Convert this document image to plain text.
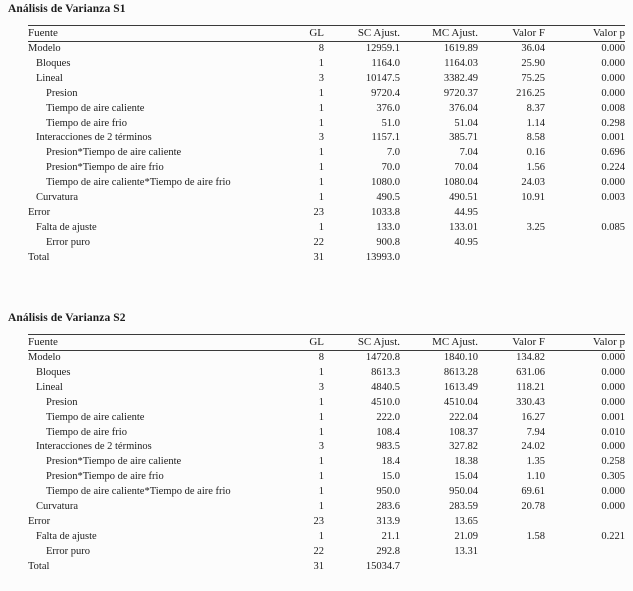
Análisis de Varianza S1
Fuente	GL	SC Ajust.	MC Ajust.	Valor F	Valor p
Modelo	8	12959.1	1619.89	36.04	0.000
Bloques	1	1164.0	1164.03	25.90	0.000
Lineal	3	10147.5	3382.49	75.25	0.000
Presion	1	9720.4	9720.37	216.25	0.000
Tiempo de aire caliente	1	376.0	376.04	8.37	0.008
Tiempo de aire frio	1	51.0	51.04	1.14	0.298
Interacciones de 2 términos	3	1157.1	385.71	8.58	0.001
Presion*Tiempo de aire caliente	1	7.0	7.04	0.16	0.696
Presion*Tiempo de aire frio	1	70.0	70.04	1.56	0.224
Tiempo de aire caliente*Tiempo de aire frio	1	1080.0	1080.04	24.03	0.000
Curvatura	1	490.5	490.51	10.91	0.003
Error	23	1033.8	44.95		
Falta de ajuste	1	133.0	133.01	3.25	0.085
Error puro	22	900.8	40.95		
Total	31	13993.0			
Análisis de Varianza S2
Fuente	GL	SC Ajust.	MC Ajust.	Valor F	Valor p
Modelo	8	14720.8	1840.10	134.82	0.000
Bloques	1	8613.3	8613.28	631.06	0.000
Lineal	3	4840.5	1613.49	118.21	0.000
Presion	1	4510.0	4510.04	330.43	0.000
Tiempo de aire caliente	1	222.0	222.04	16.27	0.001
Tiempo de aire frio	1	108.4	108.37	7.94	0.010
Interacciones de 2 términos	3	983.5	327.82	24.02	0.000
Presion*Tiempo de aire caliente	1	18.4	18.38	1.35	0.258
Presion*Tiempo de aire frio	1	15.0	15.04	1.10	0.305
Tiempo de aire caliente*Tiempo de aire frio	1	950.0	950.04	69.61	0.000
Curvatura	1	283.6	283.59	20.78	0.000
Error	23	313.9	13.65		
Falta de ajuste	1	21.1	21.09	1.58	0.221
Error puro	22	292.8	13.31		
Total	31	15034.7			
